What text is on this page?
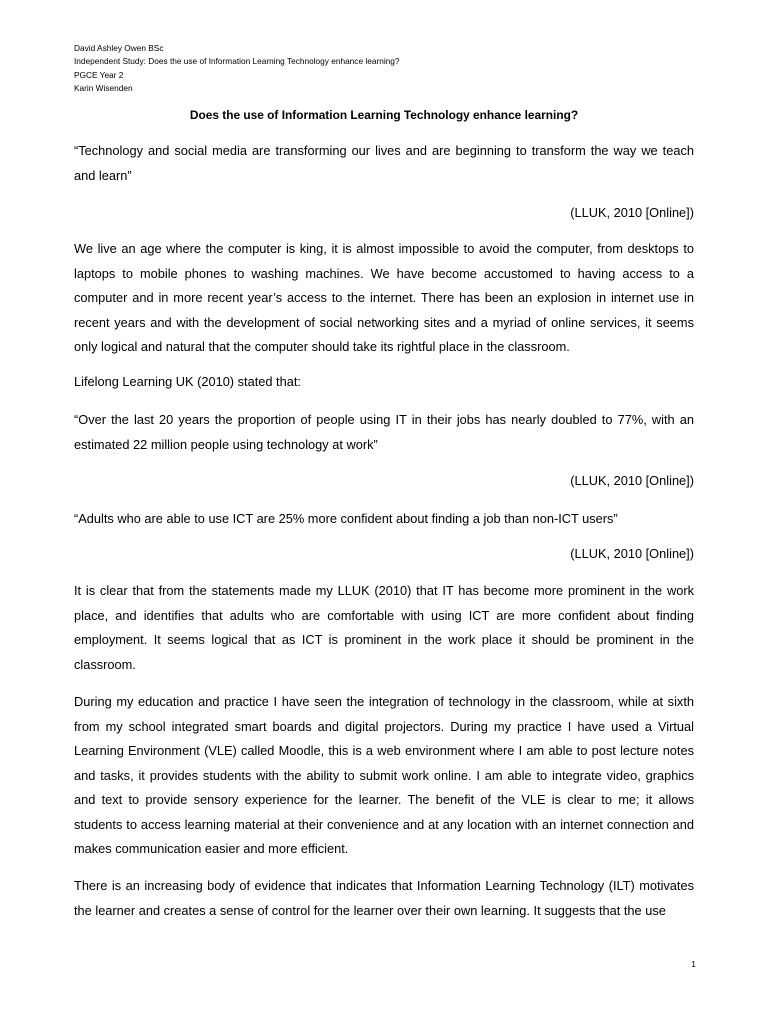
David Ashley Owen BSc
Independent Study: Does the use of Information Learning Technology enhance learning?
PGCE Year 2
Karin Wisenden
Does the use of Information Learning Technology enhance learning?

“Technology and social media are transforming our lives and are beginning to transform the way we teach and learn”

(LLUK, 2010 [Online])

We live an age where the computer is king, it is almost impossible to avoid the computer, from desktops to laptops to mobile phones to washing machines. We have become accustomed to having access to a computer and in more recent year’s access to the internet. There has been an explosion in internet use in recent years and with the development of social networking sites and a myriad of online services, it seems only logical and natural that the computer should take its rightful place in the classroom.

Lifelong Learning UK (2010) stated that:

“Over the last 20 years the proportion of people using IT in their jobs has nearly doubled to 77%, with an estimated 22 million people using technology at work”

(LLUK, 2010 [Online])

“Adults who are able to use ICT are 25% more confident about finding a job than non-ICT users”

(LLUK, 2010 [Online])

It is clear that from the statements made my LLUK (2010) that IT has become more prominent in the work place, and identifies that adults who are comfortable with using ICT are more confident about finding employment. It seems logical that as ICT is prominent in the work place it should be prominent in the classroom.

During my education and practice I have seen the integration of technology in the classroom, while at sixth from my school integrated smart boards and digital projectors. During my practice I have used a Virtual Learning Environment (VLE) called Moodle, this is a web environment where I am able to post lecture notes and tasks, it provides students with the ability to submit work online. I am able to integrate video, graphics and text to provide sensory experience for the learner. The benefit of the VLE is clear to me; it allows students to access learning material at their convenience and at any location with an internet connection and makes communication easier and more efficient.

There is an increasing body of evidence that indicates that Information Learning Technology (ILT) motivates the learner and creates a sense of control for the learner over their own learning. It suggests that the use

1
